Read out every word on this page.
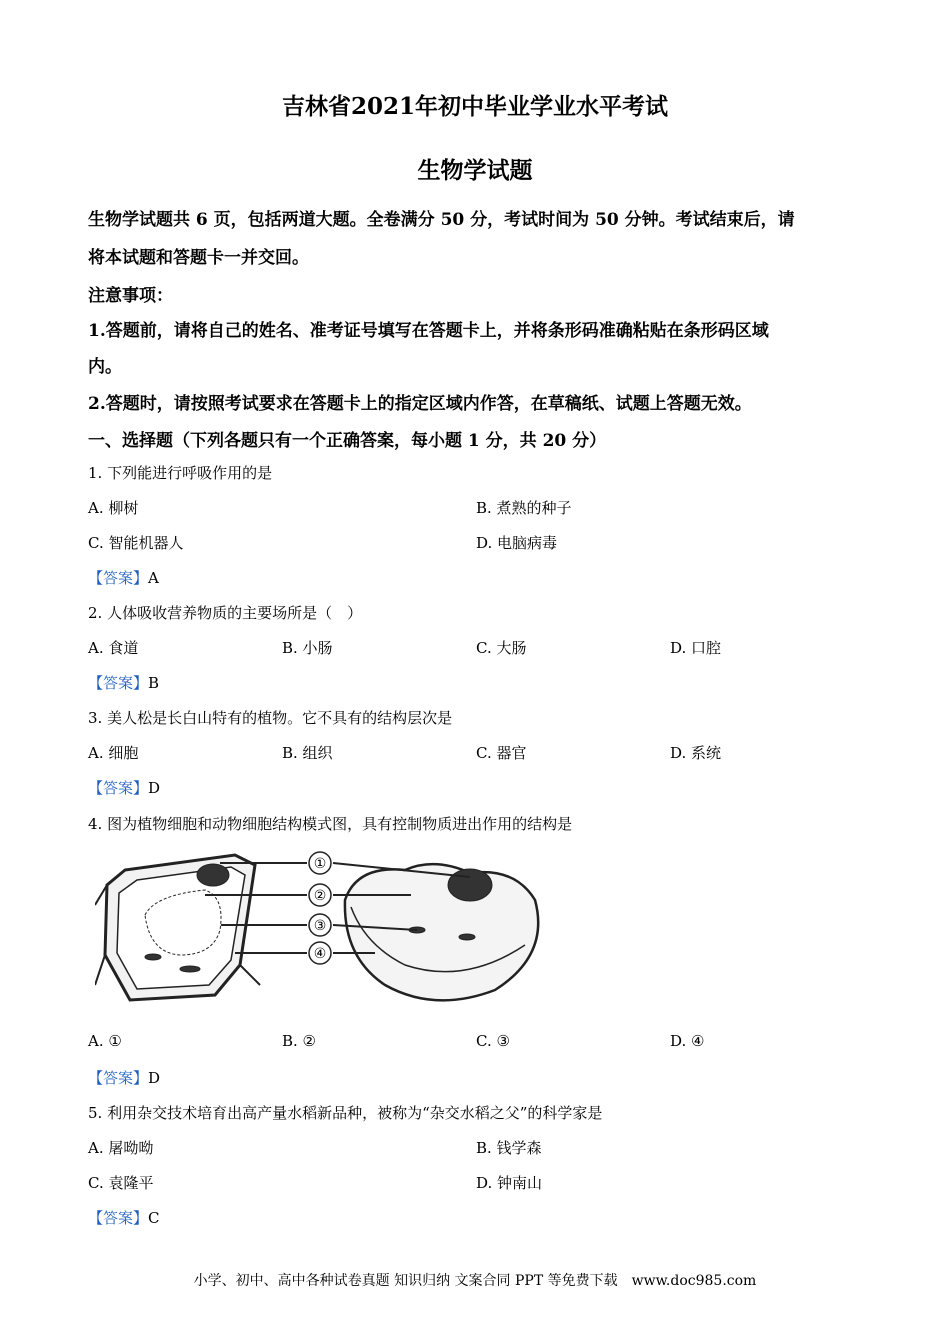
吉林省2021年初中毕业学业水平考试
生物学试题
生物学试题共 6 页，包括两道大题。全卷满分 50 分，考试时间为 50 分钟。考试结束后，请
将本试题和答题卡一并交回。
注意事项：
1.答题前，请将自己的姓名、准考证号填写在答题卡上，并将条形码准确粘贴在条形码区域
内。
2.答题时，请按照考试要求在答题卡上的指定区域内作答，在草稿纸、试题上答题无效。
一、选择题（下列各题只有一个正确答案，每小题 1 分，共 20 分）
1. 下列能进行呼吸作用的是
A. 柳树	B. 煮熟的种子
C. 智能机器人	D. 电脑病毒
【答案】A
2. 人体吸收营养物质的主要场所是（　）
A. 食道	B. 小肠	C. 大肠	D. 口腔
【答案】B
3. 美人松是长白山特有的植物。它不具有的结构层次是
A. 细胞	B. 组织	C. 器官	D. 系统
【答案】D
4. 图为植物细胞和动物细胞结构模式图，具有控制物质进出作用的结构是
①
②
③
④
A. ①	B. ②	C. ③	D. ④
【答案】D
5. 利用杂交技术培育出高产量水稻新品种，被称为“杂交水稻之父”的科学家是
A. 屠呦呦	B. 钱学森
C. 袁隆平	D. 钟南山
【答案】C
小学、初中、高中各种试卷真题 知识归纳 文案合同 PPT 等免费下载　www.doc985.com
